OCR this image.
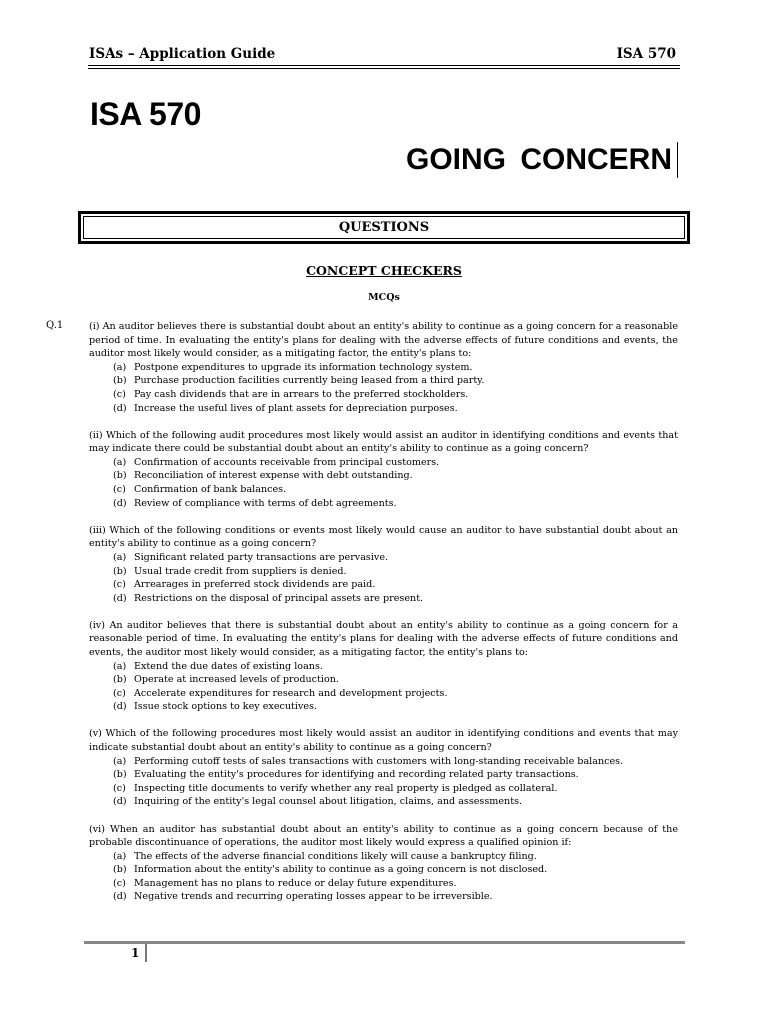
ISAs – Application Guide	ISA 570
ISA 570
GOING CONCERN
QUESTIONS
CONCEPT CHECKERS
MCQs
Q.1	(i) An auditor believes there is substantial doubt about an entity's ability to continue as a going concern for a reasonable period of time. In evaluating the entity's plans for dealing with the adverse effects of future conditions and events, the auditor most likely would consider, as a mitigating factor, the entity's plans to:

(a) Postpone expenditures to upgrade its information technology system.
(b) Purchase production facilities currently being leased from a third party.
(c) Pay cash dividends that are in arrears to the preferred stockholders.
(d) Increase the useful lives of plant assets for depreciation purposes.

(ii) Which of the following audit procedures most likely would assist an auditor in identifying conditions and events that may indicate there could be substantial doubt about an entity's ability to continue as a going concern?

(a) Confirmation of accounts receivable from principal customers.
(b) Reconciliation of interest expense with debt outstanding.
(c) Confirmation of bank balances.
(d) Review of compliance with terms of debt agreements.

(iii) Which of the following conditions or events most likely would cause an auditor to have substantial doubt about an entity's ability to continue as a going concern?

(a) Significant related party transactions are pervasive.
(b) Usual trade credit from suppliers is denied.
(c) Arrearages in preferred stock dividends are paid.
(d) Restrictions on the disposal of principal assets are present.

(iv) An auditor believes that there is substantial doubt about an entity's ability to continue as a going concern for a reasonable period of time. In evaluating the entity's plans for dealing with the adverse effects of future conditions and events, the auditor most likely would consider, as a mitigating factor, the entity's plans to:

(a) Extend the due dates of existing loans.
(b) Operate at increased levels of production.
(c) Accelerate expenditures for research and development projects.
(d) Issue stock options to key executives.

(v) Which of the following procedures most likely would assist an auditor in identifying conditions and events that may indicate substantial doubt about an entity's ability to continue as a going concern?

(a) Performing cutoff tests of sales transactions with customers with long-standing receivable balances.
(b) Evaluating the entity's procedures for identifying and recording related party transactions.
(c) Inspecting title documents to verify whether any real property is pledged as collateral.
(d) Inquiring of the entity's legal counsel about litigation, claims, and assessments.

(vi) When an auditor has substantial doubt about an entity's ability to continue as a going concern because of the probable discontinuance of operations, the auditor most likely would express a qualified opinion if:

(a) The effects of the adverse financial conditions likely will cause a bankruptcy filing.
(b) Information about the entity's ability to continue as a going concern is not disclosed.
(c) Management has no plans to reduce or delay future expenditures.
(d) Negative trends and recurring operating losses appear to be irreversible.
1
